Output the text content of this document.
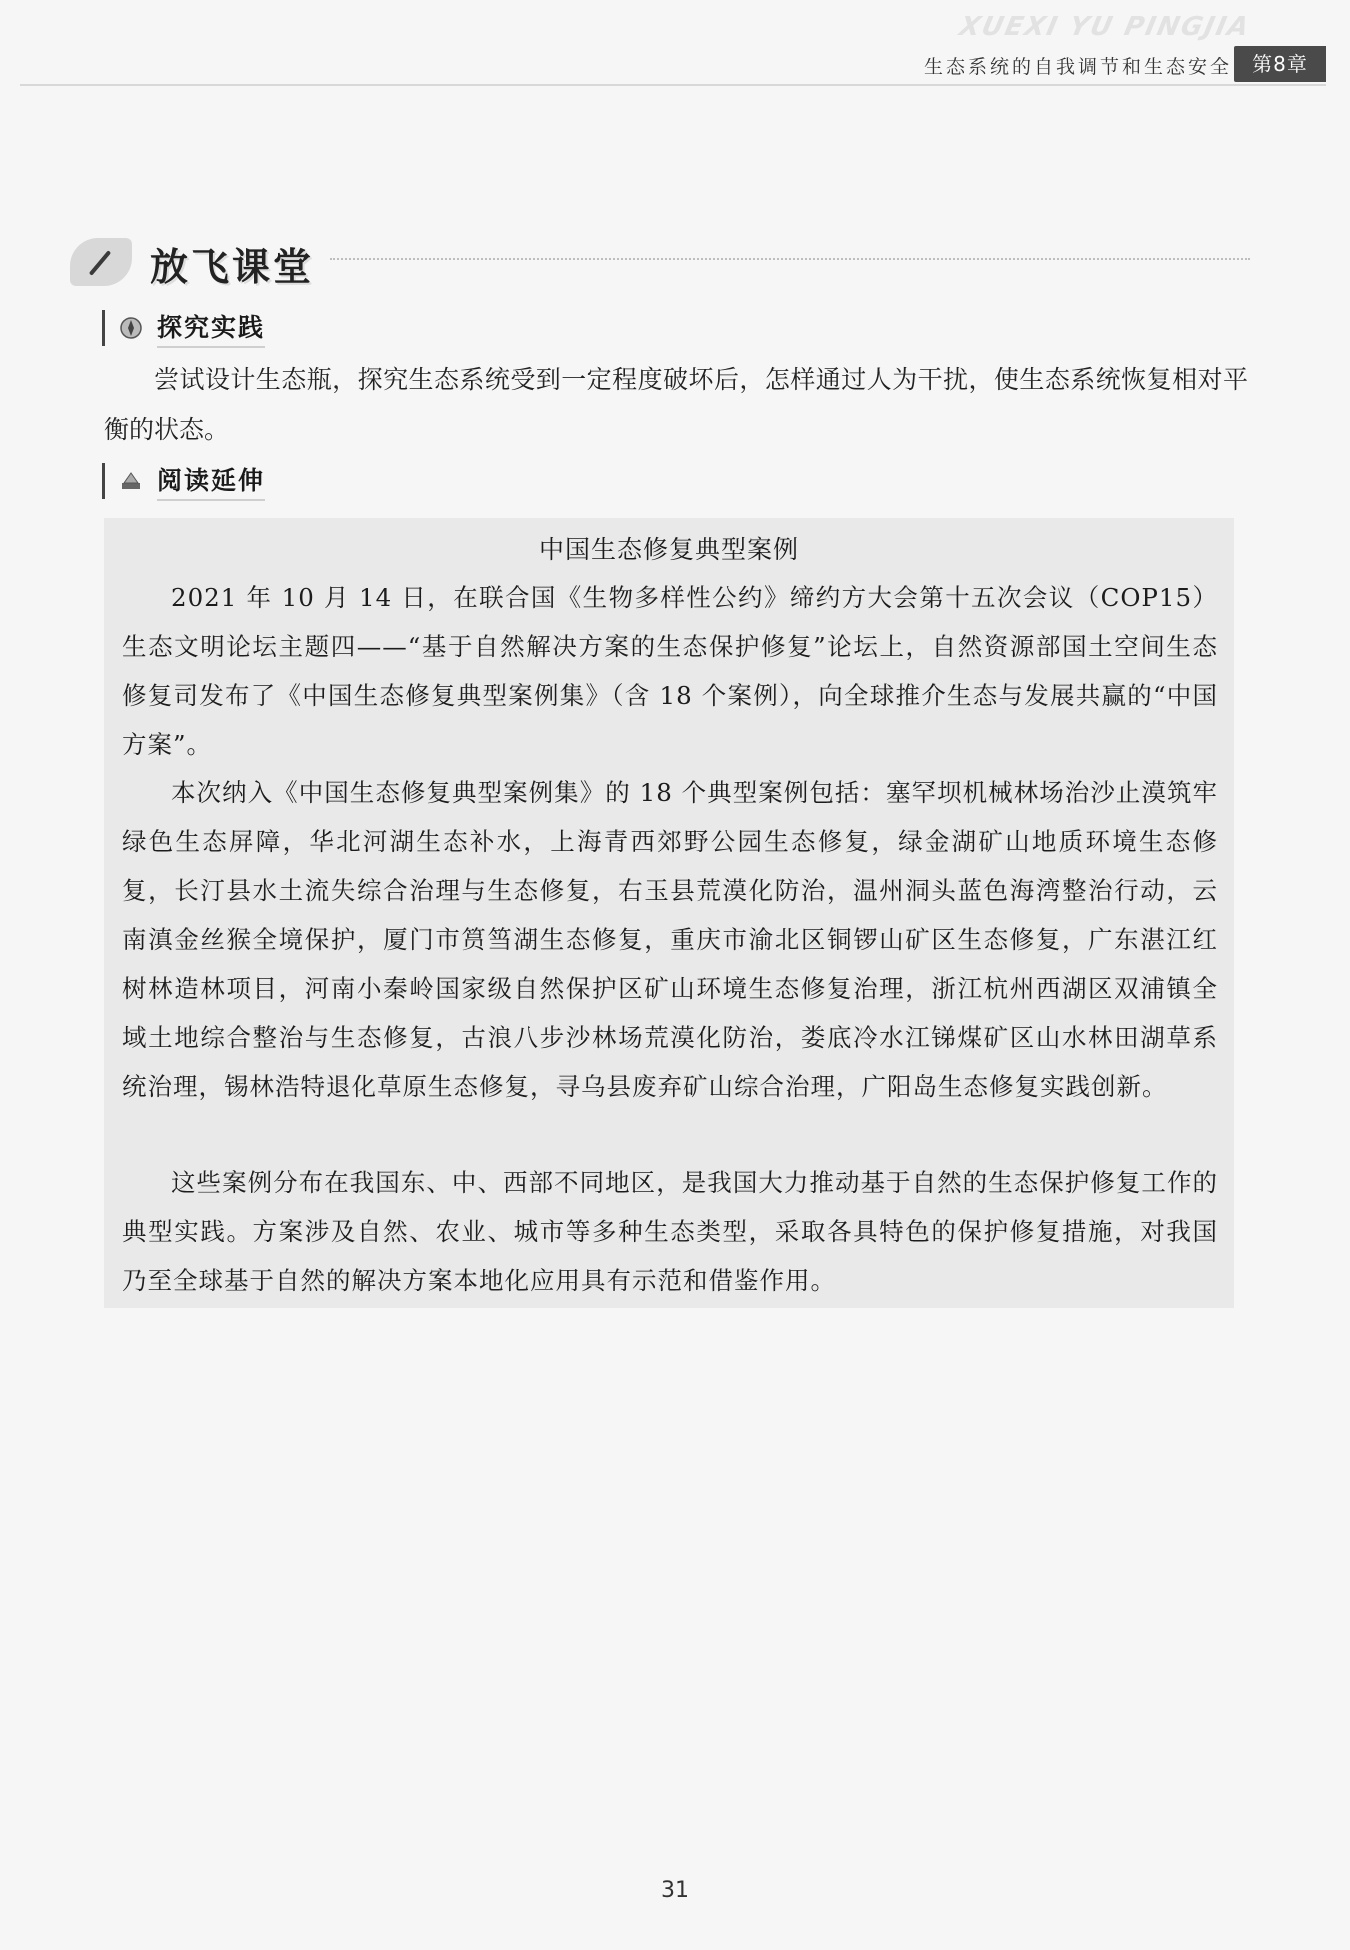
XUEXI YU PINGJIA
生态系统的自我调节和生态安全	第8章
放飞课堂
探究实践

尝试设计生态瓶，探究生态系统受到一定程度破坏后，怎样通过人为干扰，使生态系统恢复相对平衡的状态。

阅读延伸
中国生态修复典型案例

2021 年 10 月 14 日，在联合国《生物多样性公约》缔约方大会第十五次会议（COP15）生态文明论坛主题四——“基于自然解决方案的生态保护修复”论坛上，自然资源部国土空间生态修复司发布了《中国生态修复典型案例集》（含 18 个案例），向全球推介生态与发展共赢的“中国方案”。

本次纳入《中国生态修复典型案例集》的 18 个典型案例包括：塞罕坝机械林场治沙止漠筑牢绿色生态屏障，华北河湖生态补水，上海青西郊野公园生态修复，绿金湖矿山地质环境生态修复，长汀县水土流失综合治理与生态修复，右玉县荒漠化防治，温州洞头蓝色海湾整治行动，云南滇金丝猴全境保护，厦门市筼筜湖生态修复，重庆市渝北区铜锣山矿区生态修复，广东湛江红树林造林项目，河南小秦岭国家级自然保护区矿山环境生态修复治理，浙江杭州西湖区双浦镇全域土地综合整治与生态修复，古浪八步沙林场荒漠化防治，娄底冷水江锑煤矿区山水林田湖草系统治理，锡林浩特退化草原生态修复，寻乌县废弃矿山综合治理，广阳岛生态修复实践创新。

这些案例分布在我国东、中、西部不同地区，是我国大力推动基于自然的生态保护修复工作的典型实践。方案涉及自然、农业、城市等多种生态类型，采取各具特色的保护修复措施，对我国乃至全球基于自然的解决方案本地化应用具有示范和借鉴作用。

31
